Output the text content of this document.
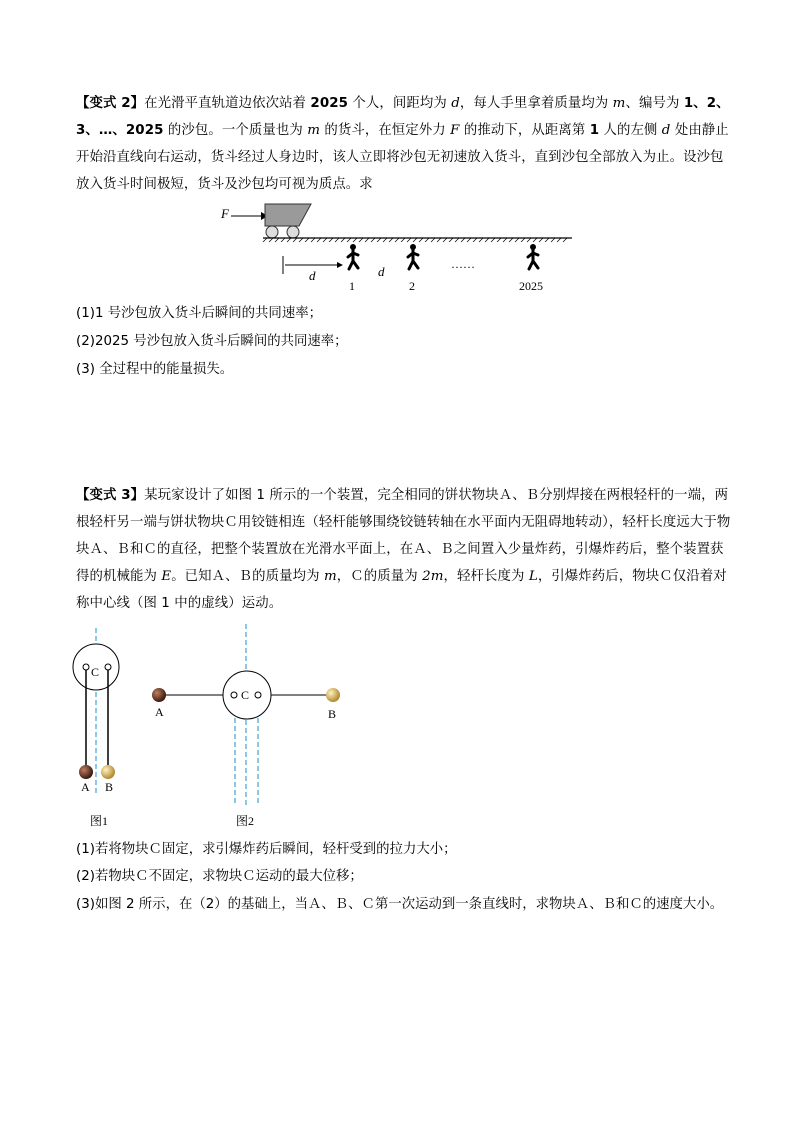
【变式 2】在光滑平直轨道边依次站着 2025 个人，间距均为 d，每人手里拿着质量均为 m、编号为 1、2、3、…、2025 的沙包。一个质量也为 m 的货斗，在恒定外力 F 的推动下，从距离第 1 人的左侧 d 处由静止开始沿直线向右运动，货斗经过人身边时，该人立即将沙包无初速放入货斗，直到沙包全部放入为止。设沙包放入货斗时间极短，货斗及沙包均可视为质点。求
F
d	d	……
1	2	2025
(1)1 号沙包放入货斗后瞬间的共同速率；
(2)2025 号沙包放入货斗后瞬间的共同速率；
(3) 全过程中的能量损失。
【变式 3】某玩家设计了如图 1 所示的一个装置，完全相同的饼状物块Ａ、Ｂ分别焊接在两根轻杆的一端，两根轻杆另一端与饼状物块Ｃ用铰链相连（轻杆能够围绕铰链转轴在水平面内无阻碍地转动），轻杆长度远大于物块Ａ、Ｂ和Ｃ的直径，把整个装置放在光滑水平面上，在Ａ、Ｂ之间置入少量炸药，引爆炸药后，整个装置获得的机械能为 E。已知Ａ、Ｂ的质量均为 m，Ｃ的质量为 2m，轻杆长度为 L，引爆炸药后，物块Ｃ仅沿着对称中心线（图 1 中的虚线）运动。
C
A B
图1
C
A	B
图2
(1)若将物块Ｃ固定，求引爆炸药后瞬间，轻杆受到的拉力大小；
(2)若物块Ｃ不固定，求物块Ｃ运动的最大位移；
(3)如图 2 所示，在（2）的基础上，当Ａ、Ｂ、Ｃ第一次运动到一条直线时，求物块Ａ、Ｂ和Ｃ的速度大小。
